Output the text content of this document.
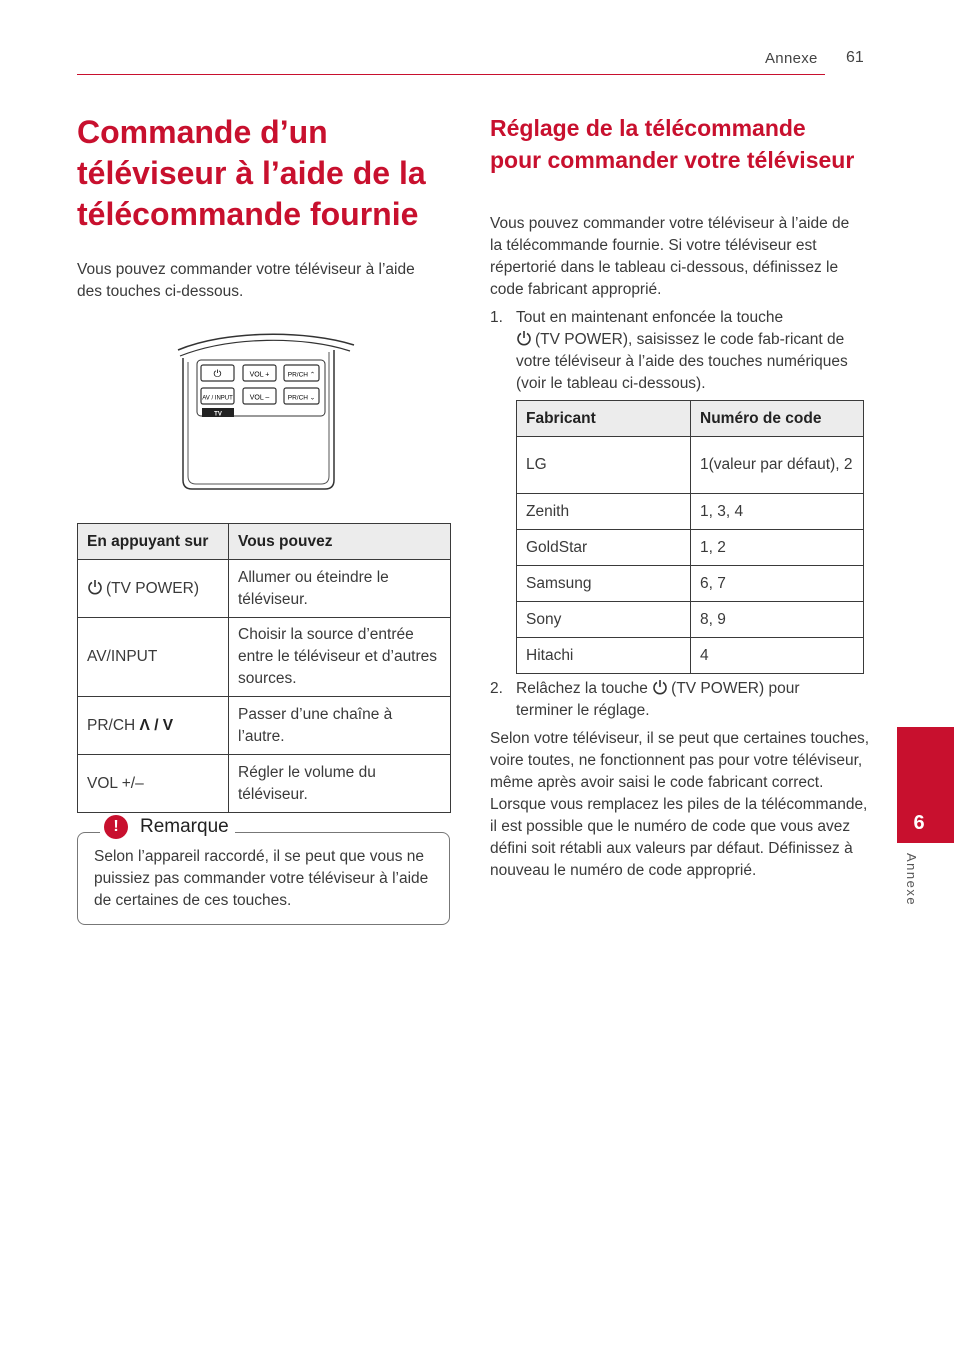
Annexe 61
Commande d’un téléviseur à l’aide de la télécommande fournie
Vous pouvez commander votre téléviseur à l’aide des touches ci-dessous.
⏻	VOL +	PR/CH ⌃
AV / INPUT VOL –	PR/CH ⌄
TV
En appuyant sur	Vous pouvez
(TV POWER)	Allumer ou éteindre le téléviseur.
AV/INPUT	Choisir la source d’entrée entre le téléviseur et d’autres sources.
PR/CH Λ / V	Passer d’une chaîne à l’autre.
VOL +/–	Régler le volume du téléviseur.
!	Remarque
Selon l’appareil raccordé, il se peut que vous ne puissiez pas commander votre téléviseur à l’aide de certaines de ces touches.
Réglage de la télécommande pour commander votre téléviseur
Vous pouvez commander votre téléviseur à l’aide de la télécommande fournie. Si votre téléviseur est répertorié dans le tableau ci-dessous, définissez le code fabricant approprié.
1. Tout en maintenant enfoncée la touche
(TV POWER), saisissez le code fab-ricant de votre téléviseur à l’aide des touches numériques (voir le tableau ci-dessous).
Fabricant	Numéro de code
LG	1(valeur par défaut), 2
Zenith	1, 3, 4
GoldStar	1, 2
Samsung	6, 7
Sony	8, 9
Hitachi	4
2. Relâchez la touche (TV POWER) pour terminer le réglage.
Selon votre téléviseur, il se peut que certaines touches, voire toutes, ne fonctionnent pas pour votre téléviseur, même après avoir saisi le code fabricant correct. Lorsque vous remplacez les piles de la télécommande, il est possible que le numéro de code que vous avez défini soit rétabli aux valeurs par défaut. Définissez à nouveau le numéro de code approprié.
6
Annexe
